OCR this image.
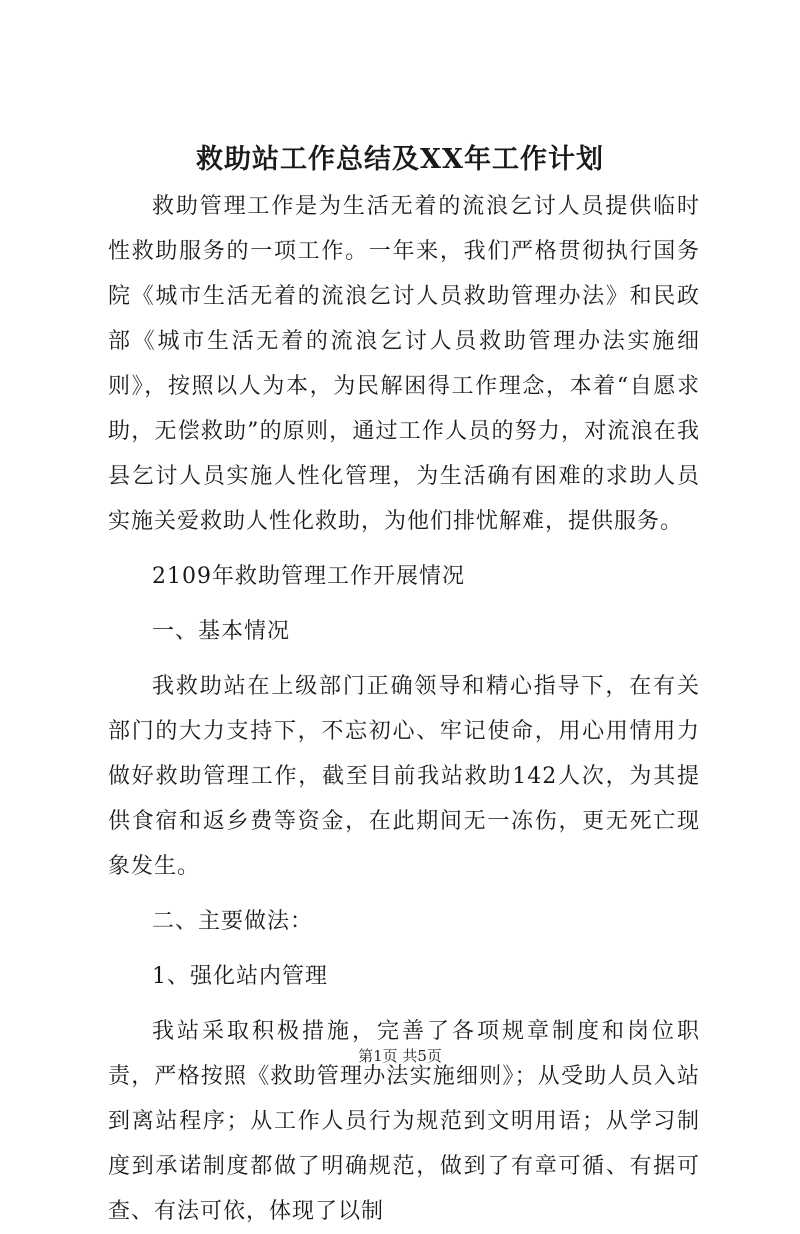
救助站工作总结及XX年工作计划

救助管理工作是为生活无着的流浪乞讨人员提供临时性救助服务的一项工作。一年来，我们严格贯彻执行国务院《城市生活无着的流浪乞讨人员救助管理办法》和民政部《城市生活无着的流浪乞讨人员救助管理办法实施细则》，按照以人为本，为民解困得工作理念，本着“自愿求助，无偿救助”的原则，通过工作人员的努力，对流浪在我县乞讨人员实施人性化管理，为生活确有困难的求助人员实施关爱救助人性化救助，为他们排忧解难，提供服务。

2109年救助管理工作开展情况

一、基本情况

我救助站在上级部门正确领导和精心指导下，在有关部门的大力支持下，不忘初心、牢记使命，用心用情用力做好救助管理工作，截至目前我站救助142人次，为其提供食宿和返乡费等资金，在此期间无一冻伤，更无死亡现象发生。

二、主要做法：

1、强化站内管理

我站采取积极措施，完善了各项规章制度和岗位职责，严格按照《救助管理办法实施细则》；从受助人员入站到离站程序；从工作人员行为规范到文明用语；从学习制度到承诺制度都做了明确规范，做到了有章可循、有据可查、有法可依，体现了以制

第1页 共5页
